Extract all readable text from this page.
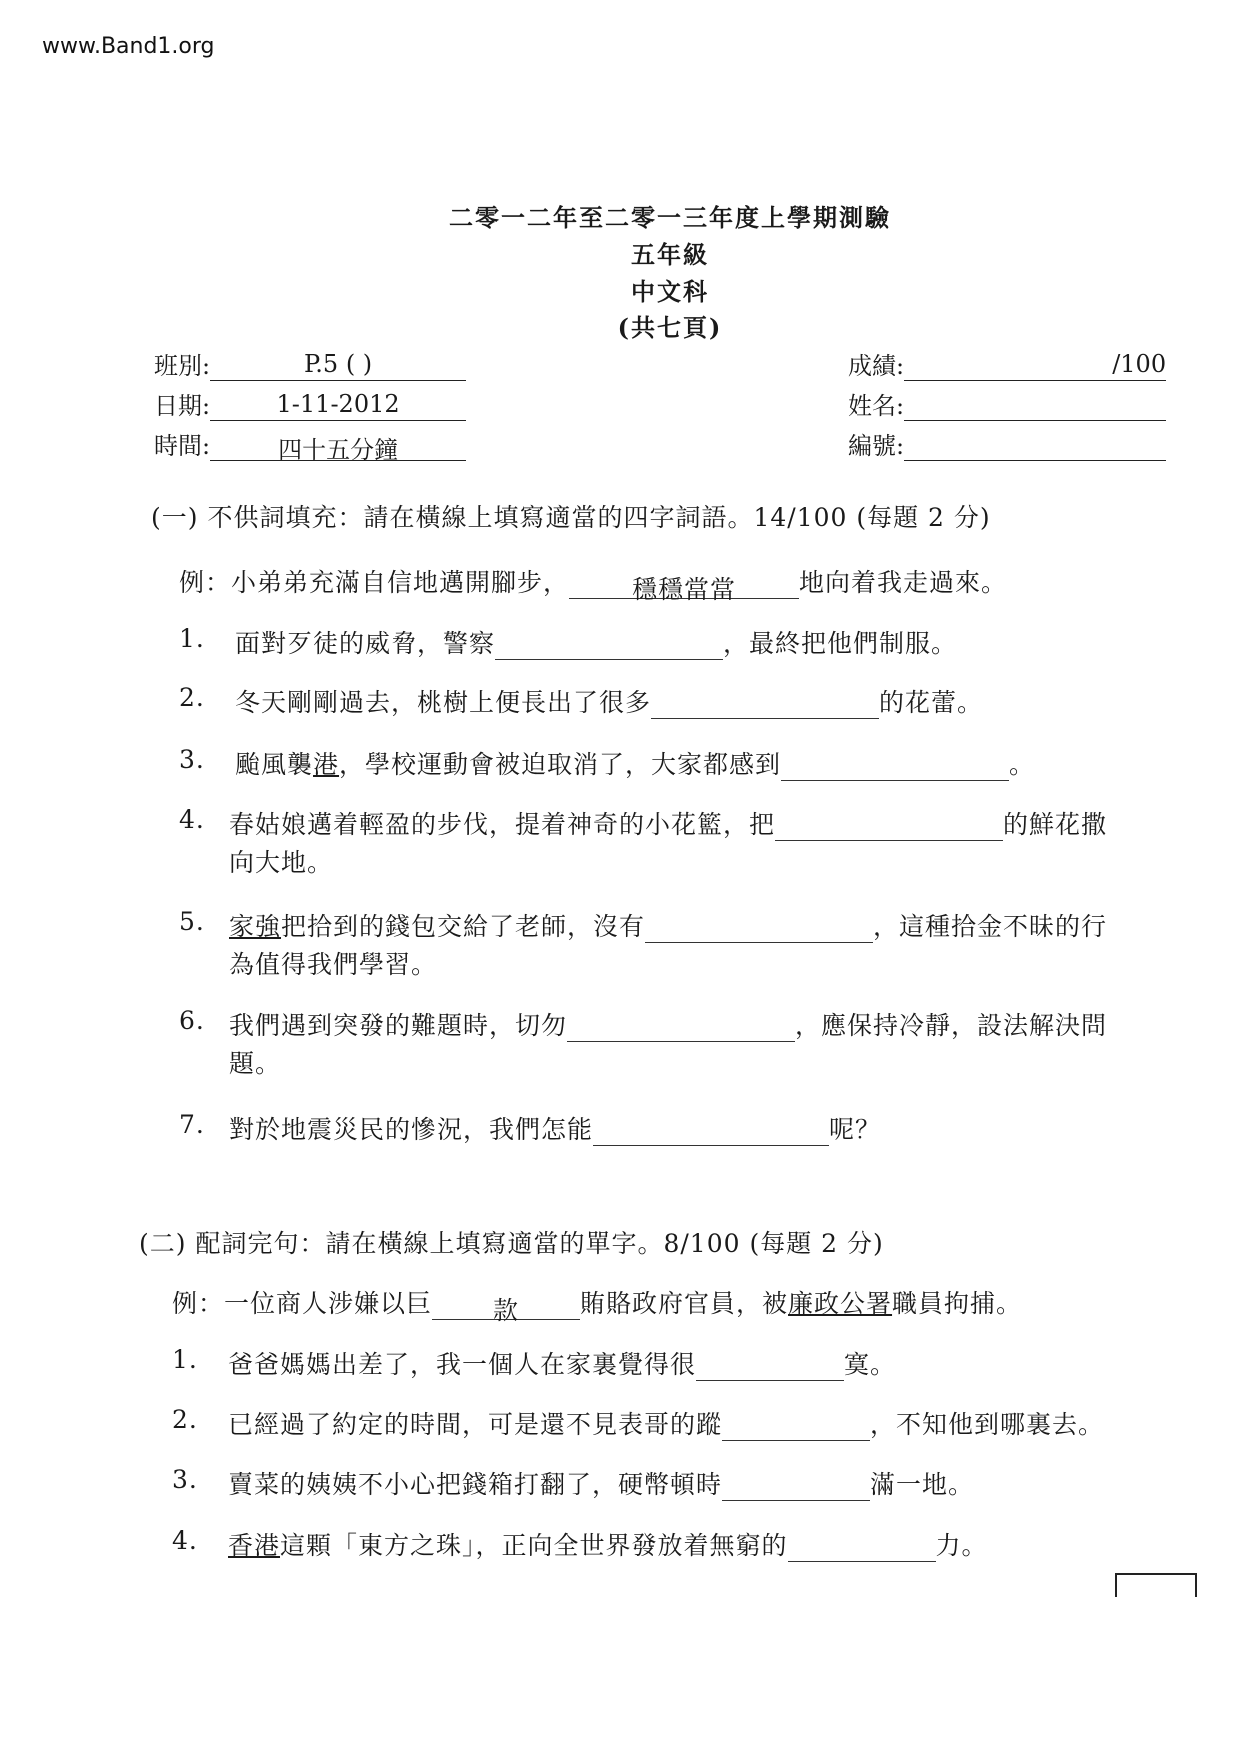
www.Band1.org
二零一二年至二零一三年度上學期測驗
五年級
中文科
(共七頁)
班別:	P.5 ( )
日期:	1-11-2012
時間:	四十五分鐘
成績:	/100
姓名:
編號:
(一) 不供詞填充：請在橫線上填寫適當的四字詞語。14/100 (每題 2 分)
例：小弟弟充滿自信地邁開腳步，	穩穩當當	地向着我走過來。
1. 面對歹徒的威脅，警察	，最終把他們制服。
2. 冬天剛剛過去，桃樹上便長出了很多	的花蕾。
3. 颱風襲港，學校運動會被迫取消了，大家都感到	。
4. 春姑娘邁着輕盈的步伐，提着神奇的小花籃，把	的鮮花撒
向大地。
5. 家強把拾到的錢包交給了老師，沒有	，這種拾金不昧的行
為值得我們學習。
6. 我們遇到突發的難題時，切勿	，應保持冷靜，設法解決問
題。
7. 對於地震災民的慘況，我們怎能	呢？
(二) 配詞完句：請在橫線上填寫適當的單字。8/100 (每題 2 分)
例：一位商人涉嫌以巨 款 賄賂政府官員，被廉政公署職員拘捕。
1. 爸爸媽媽出差了，我一個人在家裏覺得很	寞。
2. 已經過了約定的時間，可是還不見表哥的蹤	，不知他到哪裏去。
3. 賣菜的姨姨不小心把錢箱打翻了，硬幣頓時	滿一地。
4. 香港這顆「東方之珠」，正向全世界發放着無窮的	力。
